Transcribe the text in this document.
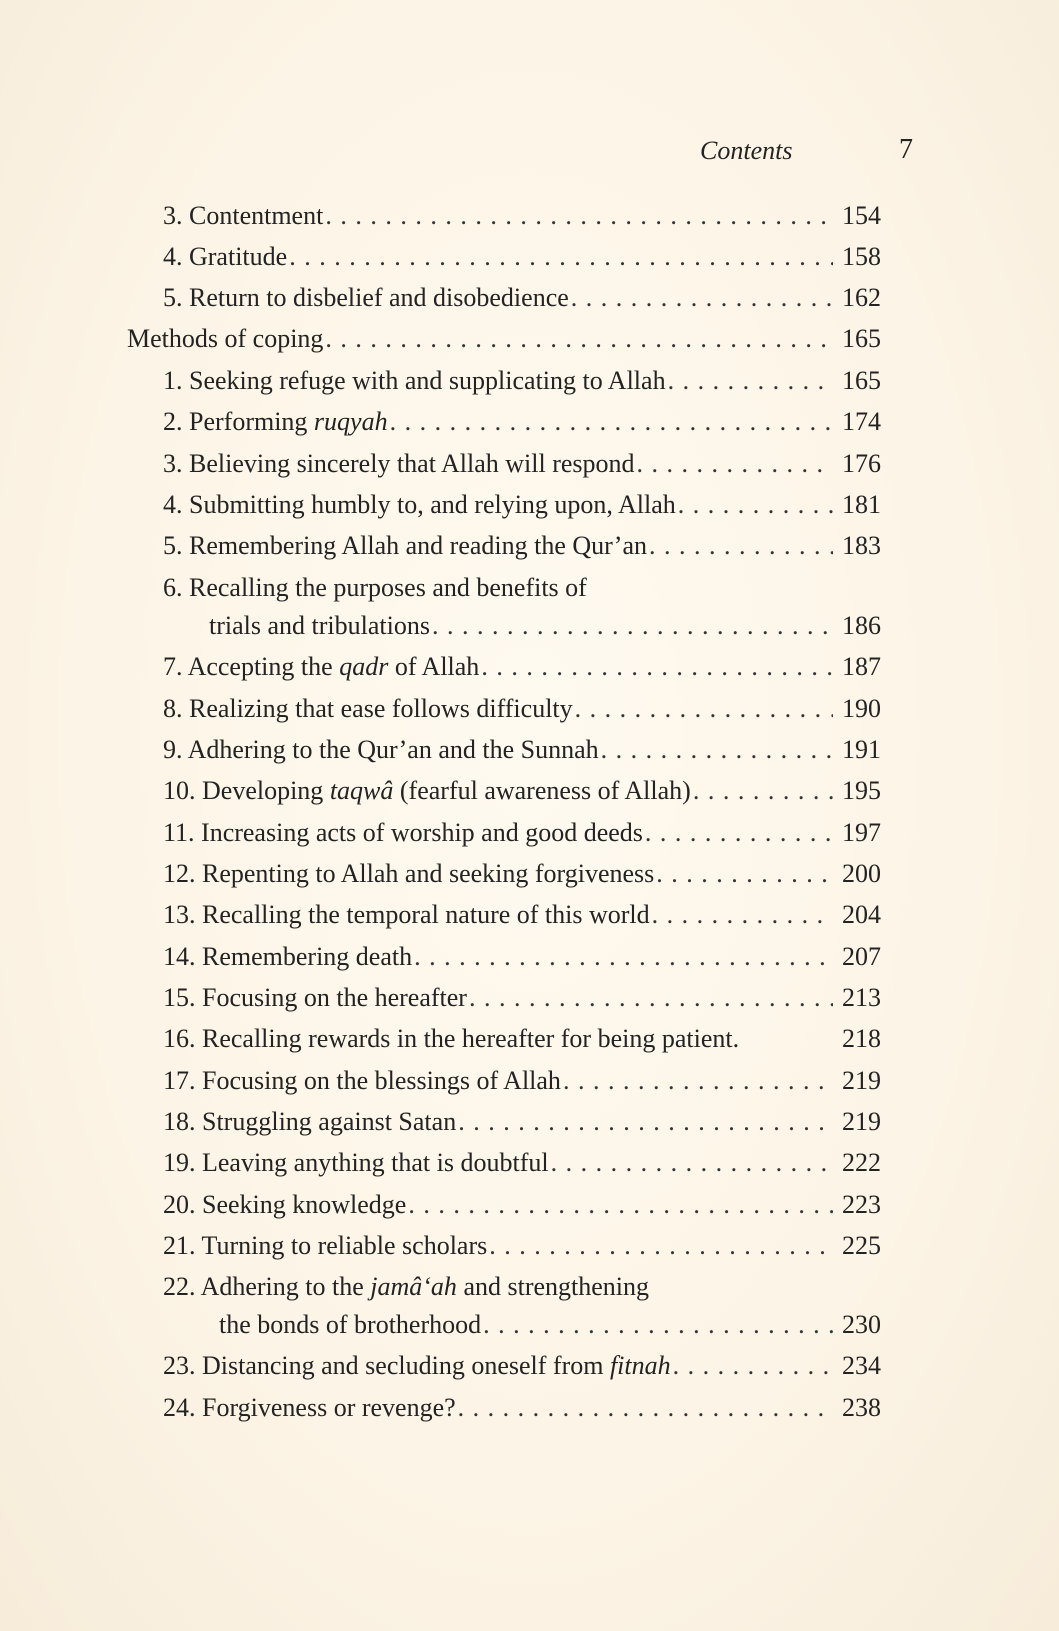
Contents	7
3. Contentment . . .	154
4. Gratitude . . .	158
5. Return to disbelief and disobedience . . .	162
Methods of coping . . .	165
1. Seeking refuge with and supplicating to Allah . . .	165
2. Performing ruqyah . . .	174
3. Believing sincerely that Allah will respond . . .	176
4. Submitting humbly to, and relying upon, Allah . . .	181
5. Remembering Allah and reading the Qur’an . . .	183
6. Recalling the purposes and benefits of
trials and tribulations . . .	186
7. Accepting the qadr of Allah . . .	187
8. Realizing that ease follows difficulty . . .	190
9. Adhering to the Qur’an and the Sunnah . . .	191
10. Developing taqwâ (fearful awareness of Allah) . . .	195
11. Increasing acts of worship and good deeds . . .	197
12. Repenting to Allah and seeking forgiveness . . .	200
13. Recalling the temporal nature of this world . . .	204
14. Remembering death . . .	207
15. Focusing on the hereafter . . .	213
16. Recalling rewards in the hereafter for being patient.	218
17. Focusing on the blessings of Allah . . .	219
18. Struggling against Satan . . .	219
19. Leaving anything that is doubtful . . .	222
20. Seeking knowledge . . .	223
21. Turning to reliable scholars . . .	225
22. Adhering to the jamâ‘ah and strengthening
the bonds of brotherhood . . .	230
23. Distancing and secluding oneself from fitnah . . .	234
24. Forgiveness or revenge? . . .	238
